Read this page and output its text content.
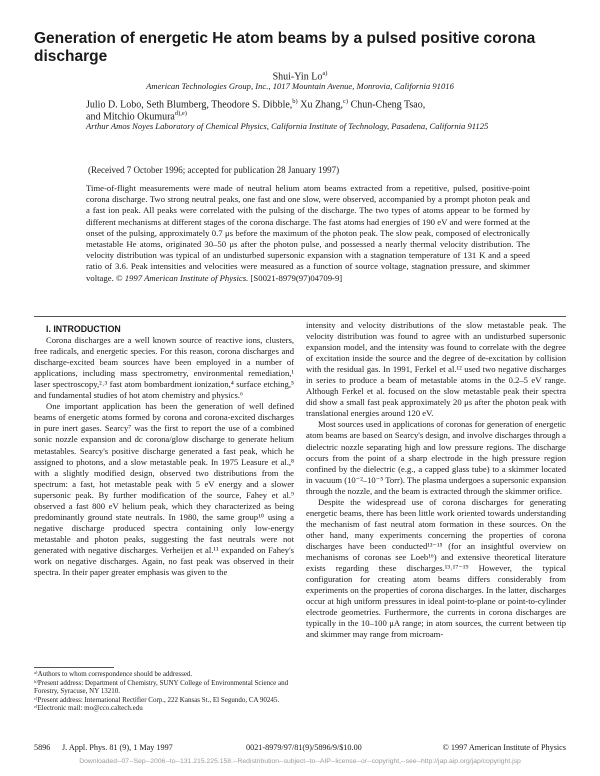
Generation of energetic He atom beams by a pulsed positive corona discharge
Shui-Yin Lo$^{a)}$
American Technologies Group, Inc., 1017 Mountain Avenue, Monrovia, California 91016
Julio D. Lobo, Seth Blumberg, Theodore S. Dibble,$^{b)}$ Xu Zhang,$^{c)}$ Chun-Cheng Tsao,
and Mitchio Okumura$^{d),e)}$
Arthur Amos Noyes Laboratory of Chemical Physics, California Institute of Technology, Pasadena, California 91125
(Received 7 October 1996; accepted for publication 28 January 1997)
Time-of-flight measurements were made of neutral helium atom beams extracted from a repetitive, pulsed, positive-point corona discharge. Two strong neutral peaks, one fast and one slow, were observed, accompanied by a prompt photon peak and a fast ion peak. All peaks were correlated with the pulsing of the discharge. The two types of atoms appear to be formed by different mechanisms at different stages of the corona discharge. The fast atoms had energies of 190 eV and were formed at the onset of the pulsing, approximately 0.7 μs before the maximum of the photon peak. The slow peak, composed of electronically metastable He atoms, originated 30–50 μs after the photon pulse, and possessed a nearly thermal velocity distribution. The velocity distribution was typical of an undisturbed supersonic expansion with a stagnation temperature of 131 K and a speed ratio of 3.6. Peak intensities and velocities were measured as a function of source voltage, stagnation pressure, and skimmer voltage. © 1997 American Institute of Physics. [S0021-8979(97)04709-9]

I. INTRODUCTION

Corona discharges are a well known source of reactive ions, clusters, free radicals, and energetic species. For this reason, corona discharges and discharge-excited beam sources have been employed in a number of applications, including mass spectrometry, environmental remediation,¹ laser spectroscopy,²˒³ fast atom bombardment ionization,⁴ surface etching,⁵ and fundamental studies of hot atom chemistry and physics.⁶

One important application has been the generation of well defined beams of energetic atoms formed by corona and corona-excited discharges in pure inert gases. Searcy⁷ was the first to report the use of a combined sonic nozzle expansion and dc corona/glow discharge to generate helium metastables. Searcy's positive discharge generated a fast peak, which he assigned to photons, and a slow metastable peak. In 1975 Leasure et al.,⁸ with a slightly modified design, observed two distributions from the spectrum: a fast, hot metastable peak with 5 eV energy and a slower supersonic peak. By further modification of the source, Fahey et al.⁹ observed a fast 800 eV helium peak, which they characterized as being predominantly ground state neutrals. In 1980, the same group¹⁰ using a negative discharge produced spectra containing only low-energy metastable and photon peaks, suggesting the fast neutrals were not generated with negative discharges. Verheijen et al.¹¹ expanded on Fahey's work on negative discharges. Again, no fast peak was observed in their spectra. In their paper greater emphasis was given to the

intensity and velocity distributions of the slow metastable peak. The velocity distribution was found to agree with an undisturbed supersonic expansion model, and the intensity was found to correlate with the degree of excitation inside the source and the degree of de-excitation by collision with the residual gas. In 1991, Ferkel et al.¹² used two negative discharges in series to produce a beam of metastable atoms in the 0.2–5 eV range. Although Ferkel et al. focused on the slow metastable peak their spectra did show a small fast peak approximately 20 μs after the photon peak with translational energies around 120 eV.

Most sources used in applications of coronas for generation of energetic atom beams are based on Searcy's design, and involve discharges through a dielectric nozzle separating high and low pressure regions. The discharge occurs from the point of a sharp electrode in the high pressure region confined by the dielectric (e.g., a capped glass tube) to a skimmer located in vacuum (10⁻²–10⁻⁵ Torr). The plasma undergoes a supersonic expansion through the nozzle, and the beam is extracted through the skimmer orifice.

Despite the widespread use of corona discharges for generating energetic beams, there has been little work oriented towards understanding the mechanism of fast neutral atom formation in these sources. On the other hand, many experiments concerning the properties of corona discharges have been conducted¹³⁻¹⁵ (for an insightful overview on mechanisms of coronas see Loeb¹⁶) and extensive theoretical literature exists regarding these discharges.¹³˒¹⁷⁻¹⁹ However, the typical configuration for creating atom beams differs considerably from experiments on the properties of corona discharges. In the latter, discharges occur at high uniform pressures in ideal point-to-plane or point-to-cylinder electrode geometries. Furthermore, the currents in corona discharges are typically in the 10–100 μA range; in atom sources, the current between tip and skimmer may range from microam-

ᵃ⁾Authors to whom correspondence should be addressed.
ᵇ⁾Present address: Department of Chemistry, SUNY College of Environmental Science and Forestry, Syracuse, NY 13210.
ᶜ⁾Present address: International Rectifier Corp., 222 Kansas St., El Segundo, CA 90245.
ᵉ⁾Electronic mail: mo@cco.caltech.edu
5896 J. Appl. Phys. 81 (9), 1 May 1997	0021-8979/97/81(9)/5896/9/$10.00	© 1997 American Institute of Physics
Downloaded--07--Sep--2006--to--131.215.225.158.--Redistribution--subject--to--AIP--license--or--copyright,--see--http://jap.aip.org/jap/copyright.jsp
